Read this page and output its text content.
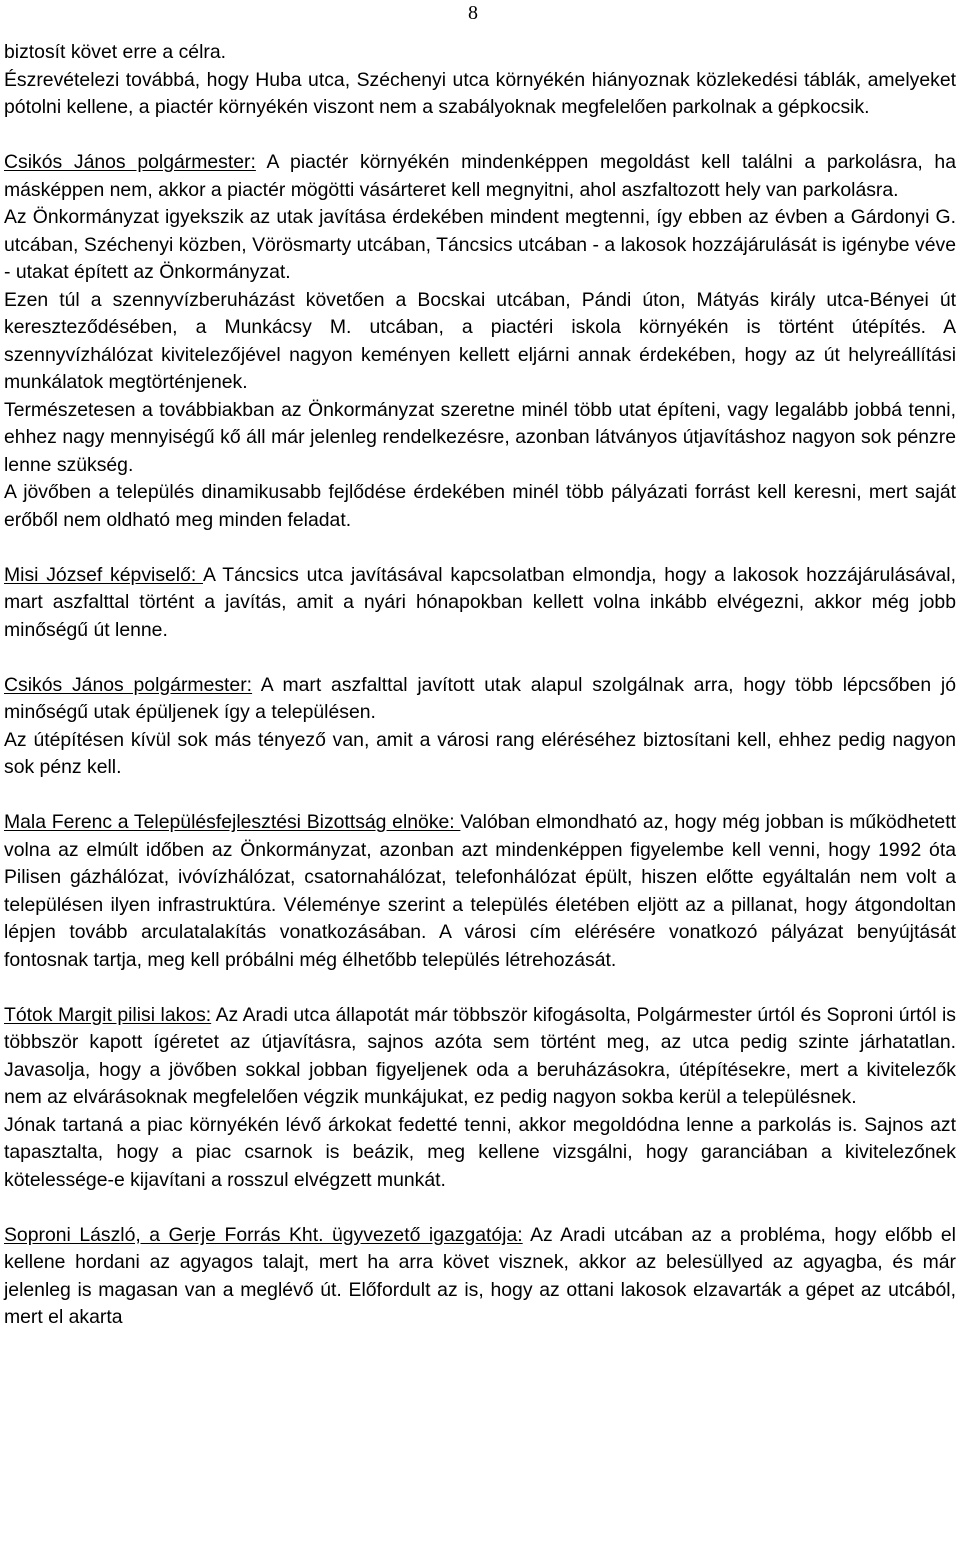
8

biztosít követ erre a célra.

Észrevételezi továbbá, hogy Huba utca, Széchenyi utca környékén hiányoznak közlekedési táblák, amelyeket pótolni kellene, a piactér környékén viszont nem a szabályoknak megfelelően parkolnak a gépkocsik.

Csikós János polgármester: A piactér környékén mindenképpen megoldást kell találni a parkolásra, ha másképpen nem, akkor a piactér mögötti vásárteret kell megnyitni, ahol aszfaltozott hely van parkolásra.

Az Önkormányzat igyekszik az utak javítása érdekében mindent megtenni, így ebben az évben a Gárdonyi G. utcában, Széchenyi közben, Vörösmarty utcában, Táncsics utcában - a lakosok hozzájárulását is igénybe véve - utakat épített az Önkormányzat.

Ezen túl a szennyvízberuházást követően a Bocskai utcában, Pándi úton, Mátyás király utca-Bényei út kereszteződésében, a Munkácsy M. utcában, a piactéri iskola környékén is történt útépítés. A szennyvízhálózat kivitelezőjével nagyon keményen kellett eljárni annak érdekében, hogy az út helyreállítási munkálatok megtörténjenek.

Természetesen a továbbiakban az Önkormányzat szeretne minél több utat építeni, vagy legalább jobbá tenni, ehhez nagy mennyiségű kő áll már jelenleg rendelkezésre, azonban látványos útjavításhoz nagyon sok pénzre lenne szükség.

A jövőben a település dinamikusabb fejlődése érdekében minél több pályázati forrást kell keresni, mert saját erőből nem oldható meg minden feladat.

Misi József képviselő: A Táncsics utca javításával kapcsolatban elmondja, hogy a lakosok hozzájárulásával, mart aszfalttal történt a javítás, amit a nyári hónapokban kellett volna inkább elvégezni, akkor még jobb minőségű út lenne.

Csikós János polgármester: A mart aszfalttal javított utak alapul szolgálnak arra, hogy több lépcsőben jó minőségű utak épüljenek így a településen.

Az útépítésen kívül sok más tényező van, amit a városi rang eléréséhez biztosítani kell, ehhez pedig nagyon sok pénz kell.

Mala Ferenc a Településfejlesztési Bizottság elnöke: Valóban elmondható az, hogy még jobban is működhetett volna az elmúlt időben az Önkormányzat, azonban azt mindenképpen figyelembe kell venni, hogy 1992 óta Pilisen gázhálózat, ivóvízhálózat, csatornahálózat, telefonhálózat épült, hiszen előtte egyáltalán nem volt a településen ilyen infrastruktúra. Véleménye szerint a település életében eljött az a pillanat, hogy átgondoltan lépjen tovább arculatalakítás vonatkozásában. A városi cím elérésére vonatkozó pályázat benyújtását fontosnak tartja, meg kell próbálni még élhetőbb település létrehozását.

Tótok Margit pilisi lakos: Az Aradi utca állapotát már többször kifogásolta, Polgármester úrtól és Soproni úrtól is többször kapott ígéretet az útjavításra, sajnos azóta sem történt meg, az utca pedig szinte járhatatlan. Javasolja, hogy a jövőben sokkal jobban figyeljenek oda a beruházásokra, útépítésekre, mert a kivitelezők nem az elvárásoknak megfelelően végzik munkájukat, ez pedig nagyon sokba kerül a településnek.

Jónak tartaná a piac környékén lévő árkokat fedetté tenni, akkor megoldódna lenne a parkolás is. Sajnos azt tapasztalta, hogy a piac csarnok is beázik, meg kellene vizsgálni, hogy garanciában a kivitelezőnek kötelessége-e kijavítani a rosszul elvégzett munkát.

Soproni László, a Gerje Forrás Kht. ügyvezető igazgatója: Az Aradi utcában az a probléma, hogy előbb el kellene hordani az agyagos talajt, mert ha arra követ visznek, akkor az belesüllyed az agyagba, és már jelenleg is magasan van a meglévő út. Előfordult az is, hogy az ottani lakosok elzavarták a gépet az utcából, mert el akarta
